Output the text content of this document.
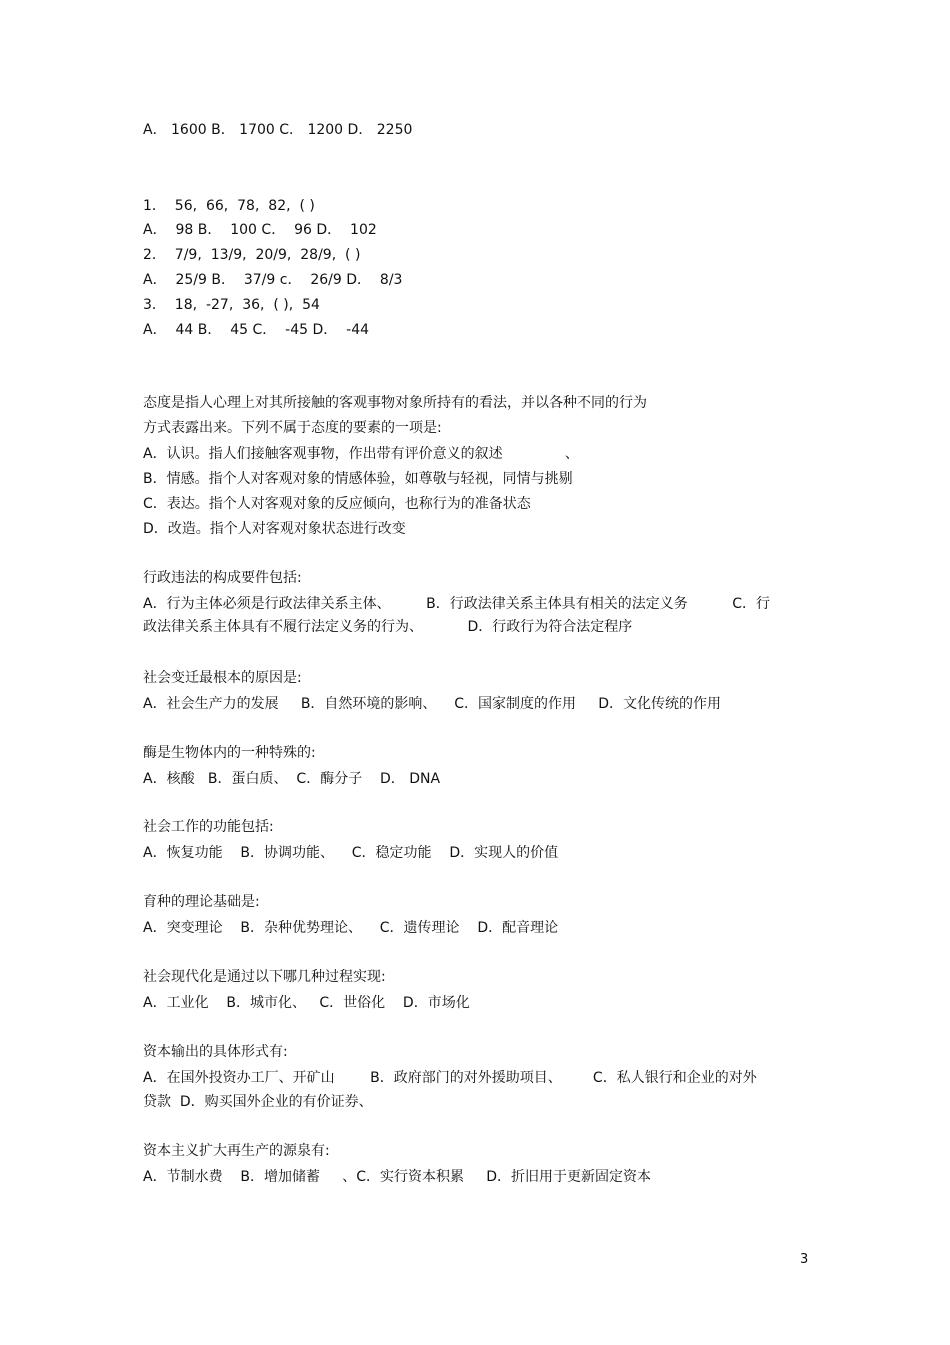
A． 1600 B． 1700 C． 1200 D． 2250

1．  56,  66,  78,  82,  ( )

A．  98 B．  100 C．  96 D．  102

2．  7/9,  13/9,  20/9,  28/9,  ( )

A．  25/9 B．  37/9 c．  26/9 D．  8/3

3．  18,  -27,  36,  ( ),  54

A．  44 B．  45 C．  -45 D．  -44

态度是指人心理上对其所接触的客观事物对象所持有的看法，并以各种不同的行为

方式表露出来。下列不属于态度的要素的一项是:

A．认识。指人们接触客观事物，作出带有评价意义的叙述              、

B．情感。指个人对客观对象的情感体验，如尊敬与轻视，同情与挑剔

C．表达。指个人对客观对象的反应倾向，也称行为的准备状态

D．改造。指个人对客观对象状态进行改变

行政违法的构成要件包括:

A．行为主体必须是行政法律关系主体、        B．行政法律关系主体具有相关的法定义务          C．行

政法律关系主体具有不履行法定义务的行为、          D．行政行为符合法定程序

社会变迁最根本的原因是:

A．社会生产力的发展     B．自然环境的影响、    C．国家制度的作用     D．文化传统的作用

酶是生物体内的一种特殊的:

A．核酸   B．蛋白质、  C．酶分子    D． DNA

社会工作的功能包括:

A．恢复功能    B．协调功能、    C．稳定功能    D．实现人的价值

育种的理论基础是:

A．突变理论    B．杂种优势理论、    C．遗传理论    D．配音理论

社会现代化是通过以下哪几种过程实现:

A．工业化    B．城市化、   C．世俗化    D．市场化

资本输出的具体形式有:

A．在国外投资办工厂、开矿山        B．政府部门的对外援助项目、       C．私人银行和企业的对外

贷款  D．购买国外企业的有价证券、

资本主义扩大再生产的源泉有:

A．节制水费    B．增加储蓄     、C．实行资本积累     D．折旧用于更新固定资本

3
